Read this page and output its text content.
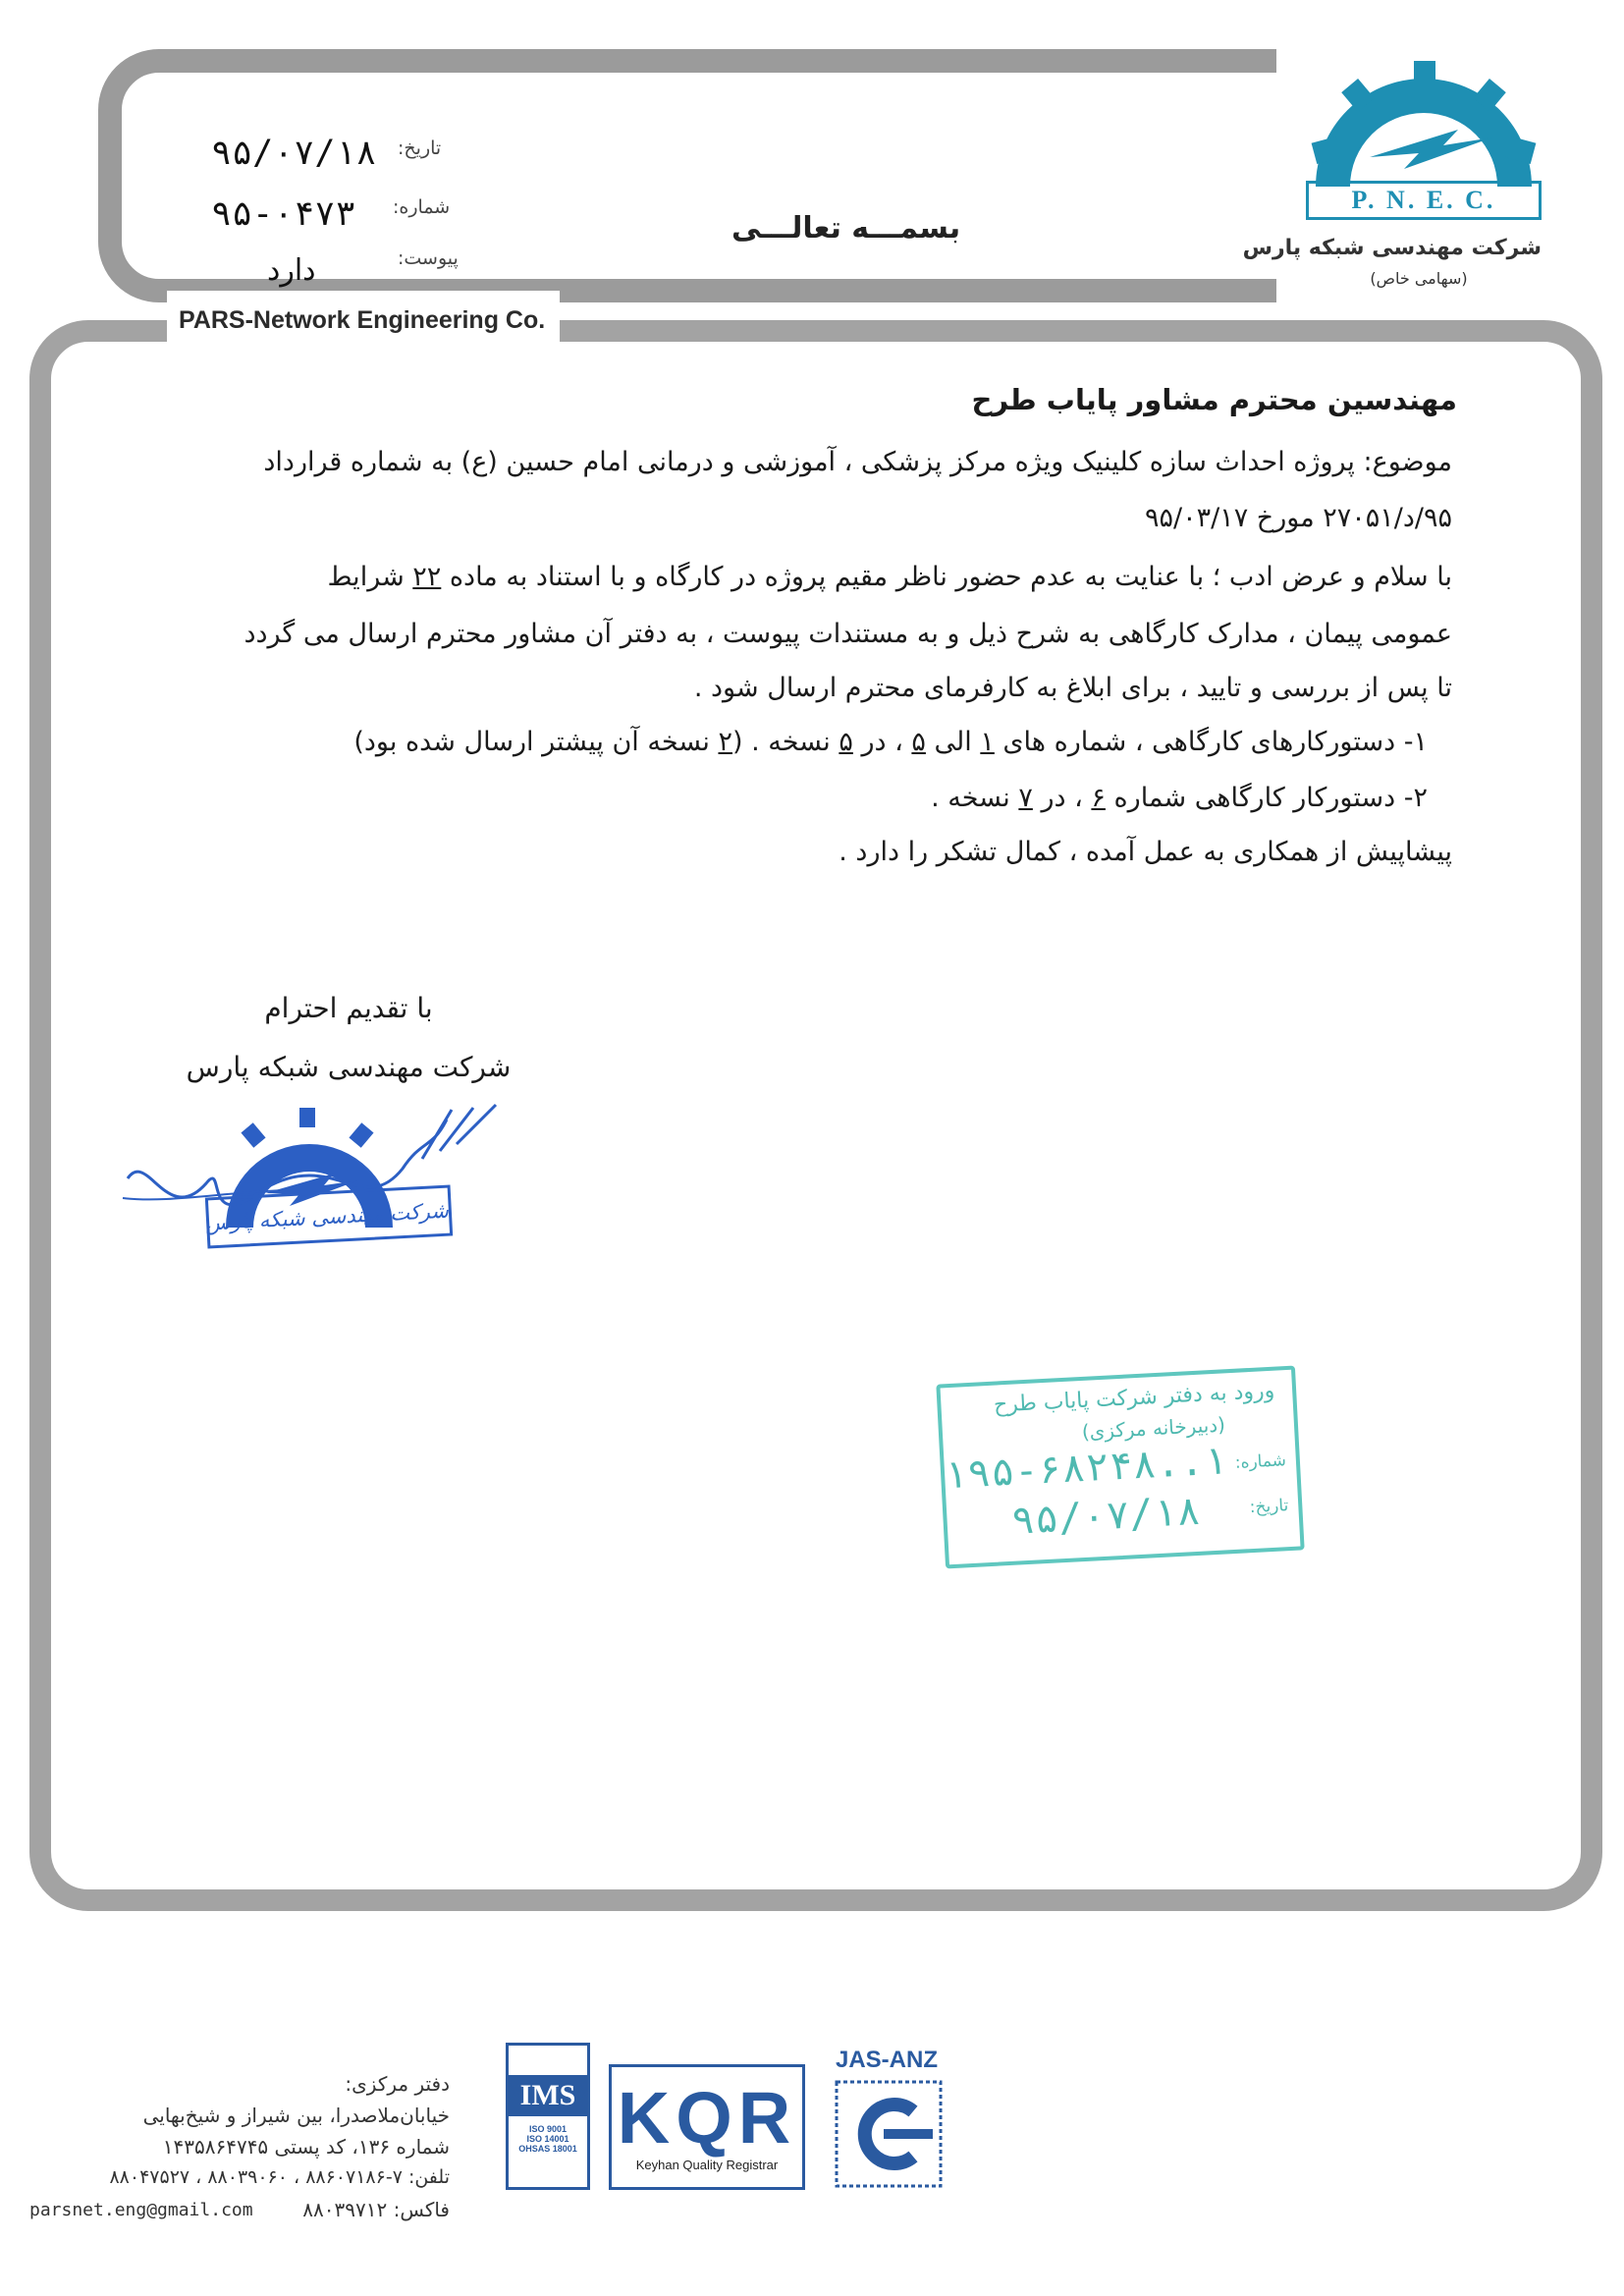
PARS-Network Engineering Co.
تاریخ:
۹۵/۰۷/۱۸
شماره:
۹۵-۰۴۷۳
پیوست:
دارد
بسمـــه تعالـــی
P. N. E. C.
شرکت مهندسی شبکه پارس
(سهامی خاص)
مهندسین محترم مشاور پایاب طرح
موضوع: پروژه احداث سازه کلینیک ویژه مرکز پزشکی ، آموزشی و درمانی امام حسین (ع) به شماره قرارداد
۹۵/د/۲۷۰۵۱ مورخ ۹۵/۰۳/۱۷
با سلام و عرض ادب ؛ با عنایت به عدم حضور ناظر مقیم پروژه در کارگاه و با استناد به ماده ۲۲ شرایط
عمومی پیمان ، مدارک کارگاهی به شرح ذیل و به مستندات پیوست ، به دفتر آن مشاور محترم ارسال می گردد
تا پس از بررسی و تایید ، برای ابلاغ به کارفرمای محترم ارسال شود .
۱- دستورکارهای کارگاهی ، شماره های ۱ الی ۵ ، در ۵ نسخه . (۲ نسخه آن پیشتر ارسال شده بود)
۲- دستورکار کارگاهی شماره ۶ ، در ۷ نسخه .
پیشاپیش از همکاری به عمل آمده ، کمال تشکر را دارد .
با تقدیم احترام
شرکت مهندسی شبکه پارس
شرکت مهندسی شبکه پارس
ورود به دفتر شرکت پایاب طرح
(دبیرخانه مرکزی)
شماره:
۱..۱۹۵-۶۸۲۴۸
تاریخ:
۹۵/۰۷/۱۸
IMS
ISO 9001
ISO 14001
OHSAS 18001 KQR
Keyhan Quality Registrar
JAS-ANZ
دفتر مرکزی:
خیابان‌ملاصدرا، بین شیراز و شیخ‌بهایی
شماره ۱۳۶، کد پستی ۱۴۳۵۸۶۴۷۴۵
تلفن: ۷-۸۸۶۰۷۱۸۶ ، ۸۸۰۳۹۰۶۰ ، ۸۸۰۴۷۵۲۷
parsnet.eng@gmail.com	فاکس: ۸۸۰۳۹۷۱۲
